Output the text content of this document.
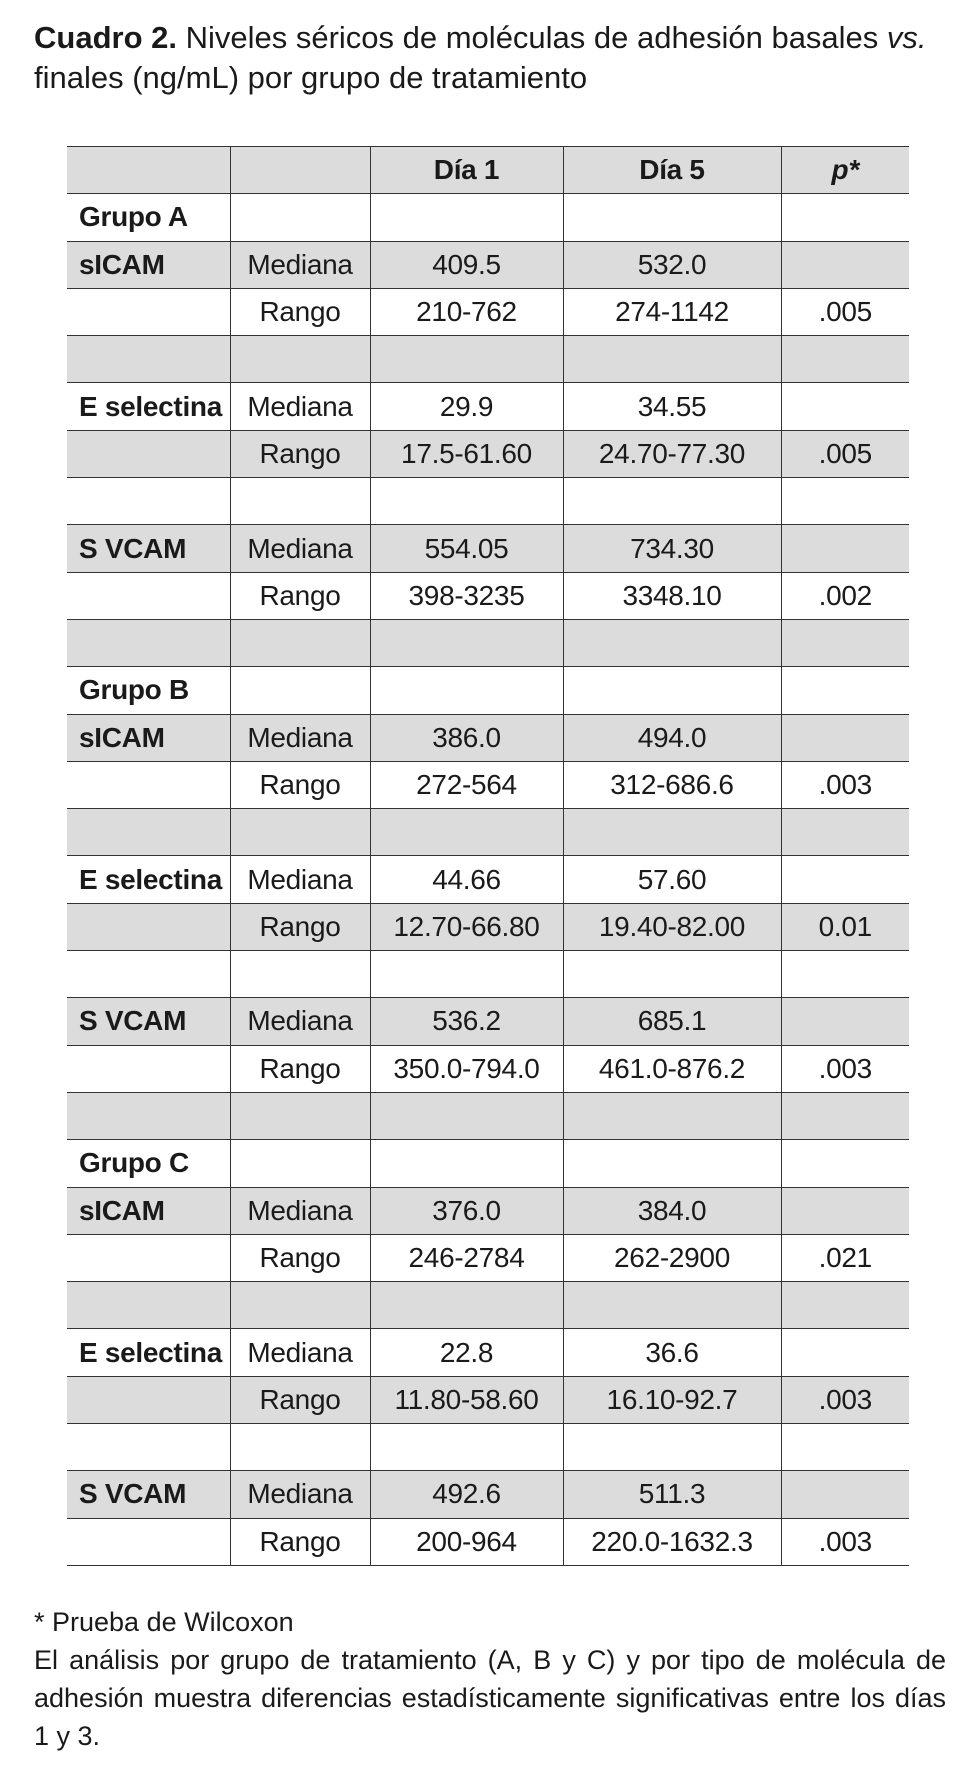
Cuadro 2. Niveles séricos de moléculas de adhesión basales vs. finales (ng/mL) por grupo de tratamiento
		Día 1	Día 5	p*
Grupo A				
sICAM	Mediana	409.5	532.0	
	Rango	210-762	274-1142	.005

E selectina	Mediana	29.9	34.55	
	Rango	17.5-61.60	24.70-77.30	.005

S VCAM	Mediana	554.05	734.30	
	Rango	398-3235	3348.10	.002

Grupo B				
sICAM	Mediana	386.0	494.0	
	Rango	272-564	312-686.6	.003

E selectina	Mediana	44.66	57.60	
	Rango	12.70-66.80	19.40-82.00	0.01

S VCAM	Mediana	536.2	685.1	
	Rango	350.0-794.0	461.0-876.2	.003

Grupo C				
sICAM	Mediana	376.0	384.0	
	Rango	246-2784	262-2900	.021

E selectina	Mediana	22.8	36.6	
	Rango	11.80-58.60	16.10-92.7	.003

S VCAM	Mediana	492.6	511.3	
	Rango	200-964	220.0-1632.3	.003

* Prueba de Wilcoxon

El análisis por grupo de tratamiento (A, B y C) y por tipo de molécula de adhesión muestra diferencias estadísticamente significativas entre los días 1 y 3.
